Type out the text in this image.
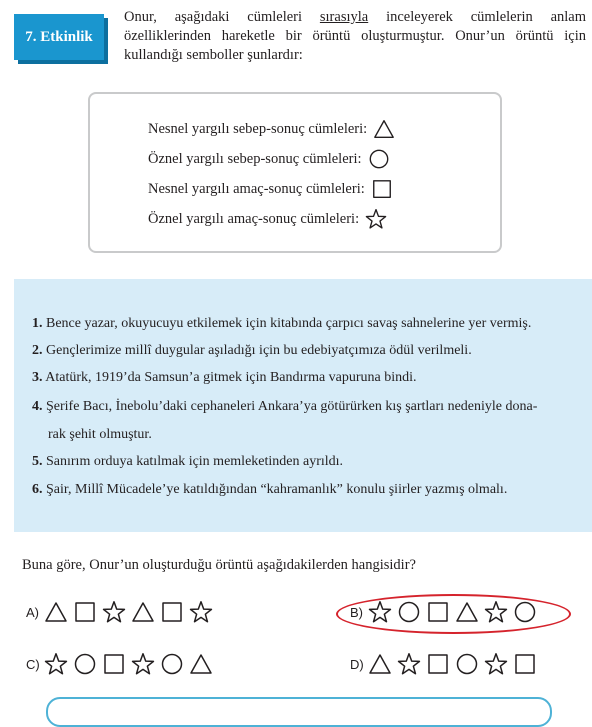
7. Etkinlik
Onur, aşağıdaki cümleleri sırasıyla inceleyerek cümlelerin anlam özelliklerinden hareketle bir örüntü oluşturmuştur. Onur’un örüntü için kullandığı semboller şunlardır:
Nesnel yargılı sebep-sonuç cümleleri:
Öznel yargılı sebep-sonuç cümleleri:
Nesnel yargılı amaç-sonuç cümleleri:
Öznel yargılı amaç-sonuç cümleleri:
1. Bence yazar, okuyucuyu etkilemek için kitabında çarpıcı savaş sahnelerine yer vermiş.
2. Gençlerimize millî duygular aşıladığı için bu edebiyatçımıza ödül verilmeli.
3. Atatürk, 1919’da Samsun’a gitmek için Bandırma vapuruna bindi.
4. Şerife Bacı, İnebolu’daki cephaneleri Ankara’ya götürürken kış şartları nedeniyle dona-
rak şehit olmuştur.
5. Sanırım orduya katılmak için memleketinden ayrıldı.
6. Şair, Millî Mücadele’ye katıldığından “kahramanlık” konulu şiirler yazmış olmalı.
Buna göre, Onur’un oluşturduğu örüntü aşağıdakilerden hangisidir?
A)	B)
C)	D)
